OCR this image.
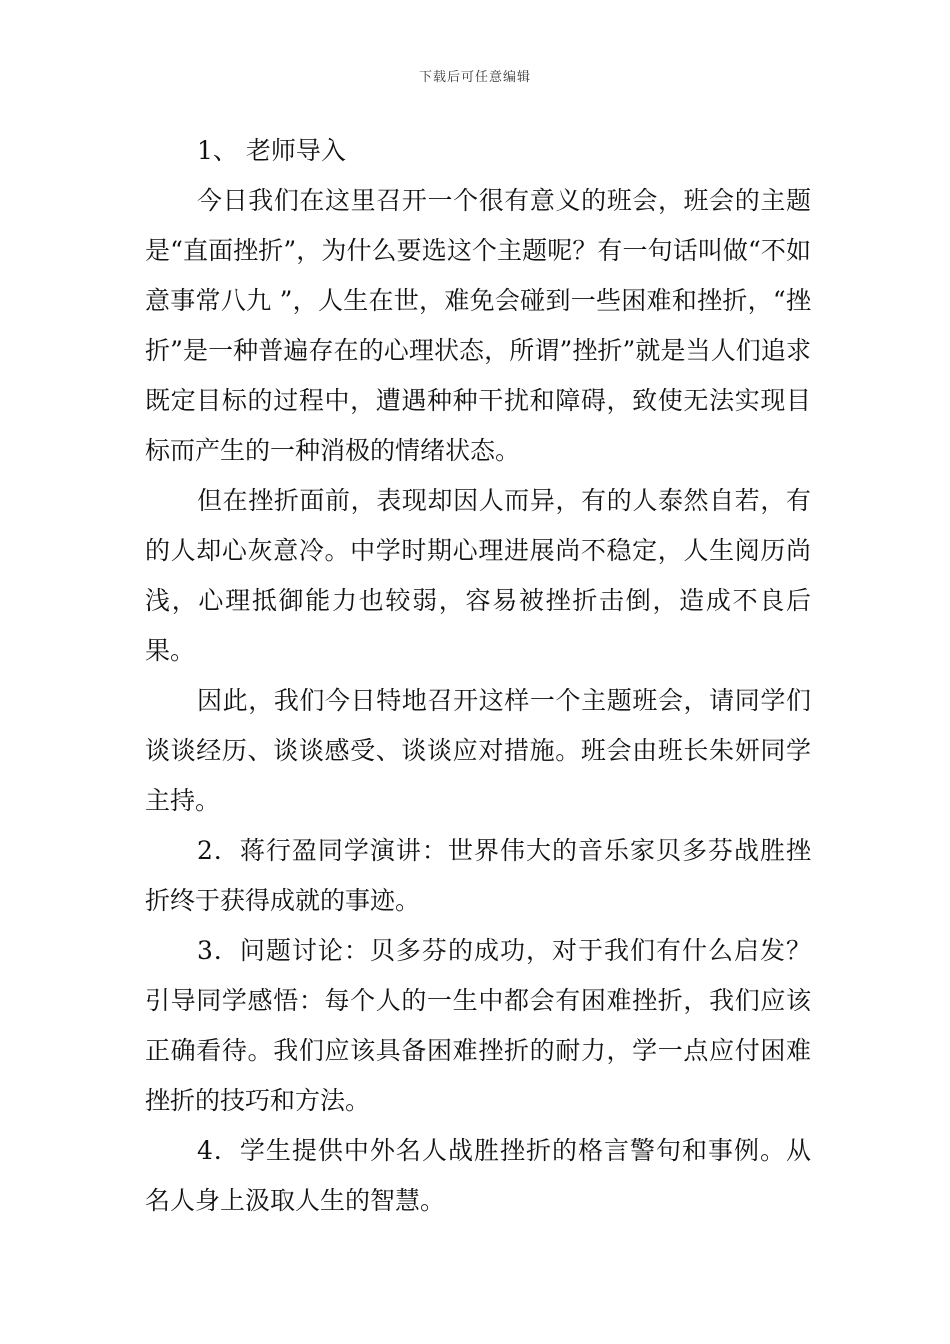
下载后可任意编辑

1、 老师导入

今日我们在这里召开一个很有意义的班会，班会的主题是“直面挫折”，为什么要选这个主题呢？有一句话叫做“不如意事常八九 ”，人生在世，难免会碰到一些困难和挫折，“挫折”是一种普遍存在的心理状态，所谓”挫折”就是当人们追求既定目标的过程中，遭遇种种干扰和障碍，致使无法实现目标而产生的一种消极的情绪状态。

但在挫折面前，表现却因人而异，有的人泰然自若，有的人却心灰意冷。中学时期心理进展尚不稳定，人生阅历尚浅，心理抵御能力也较弱，容易被挫折击倒，造成不良后果。

因此，我们今日特地召开这样一个主题班会，请同学们谈谈经历、谈谈感受、谈谈应对措施。班会由班长朱妍同学主持。

2．蒋行盈同学演讲：世界伟大的音乐家贝多芬战胜挫折终于获得成就的事迹。

3．问题讨论：贝多芬的成功，对于我们有什么启发？引导同学感悟：每个人的一生中都会有困难挫折，我们应该正确看待。我们应该具备困难挫折的耐力，学一点应付困难挫折的技巧和方法。

4．学生提供中外名人战胜挫折的格言警句和事例。从名人身上汲取人生的智慧。
